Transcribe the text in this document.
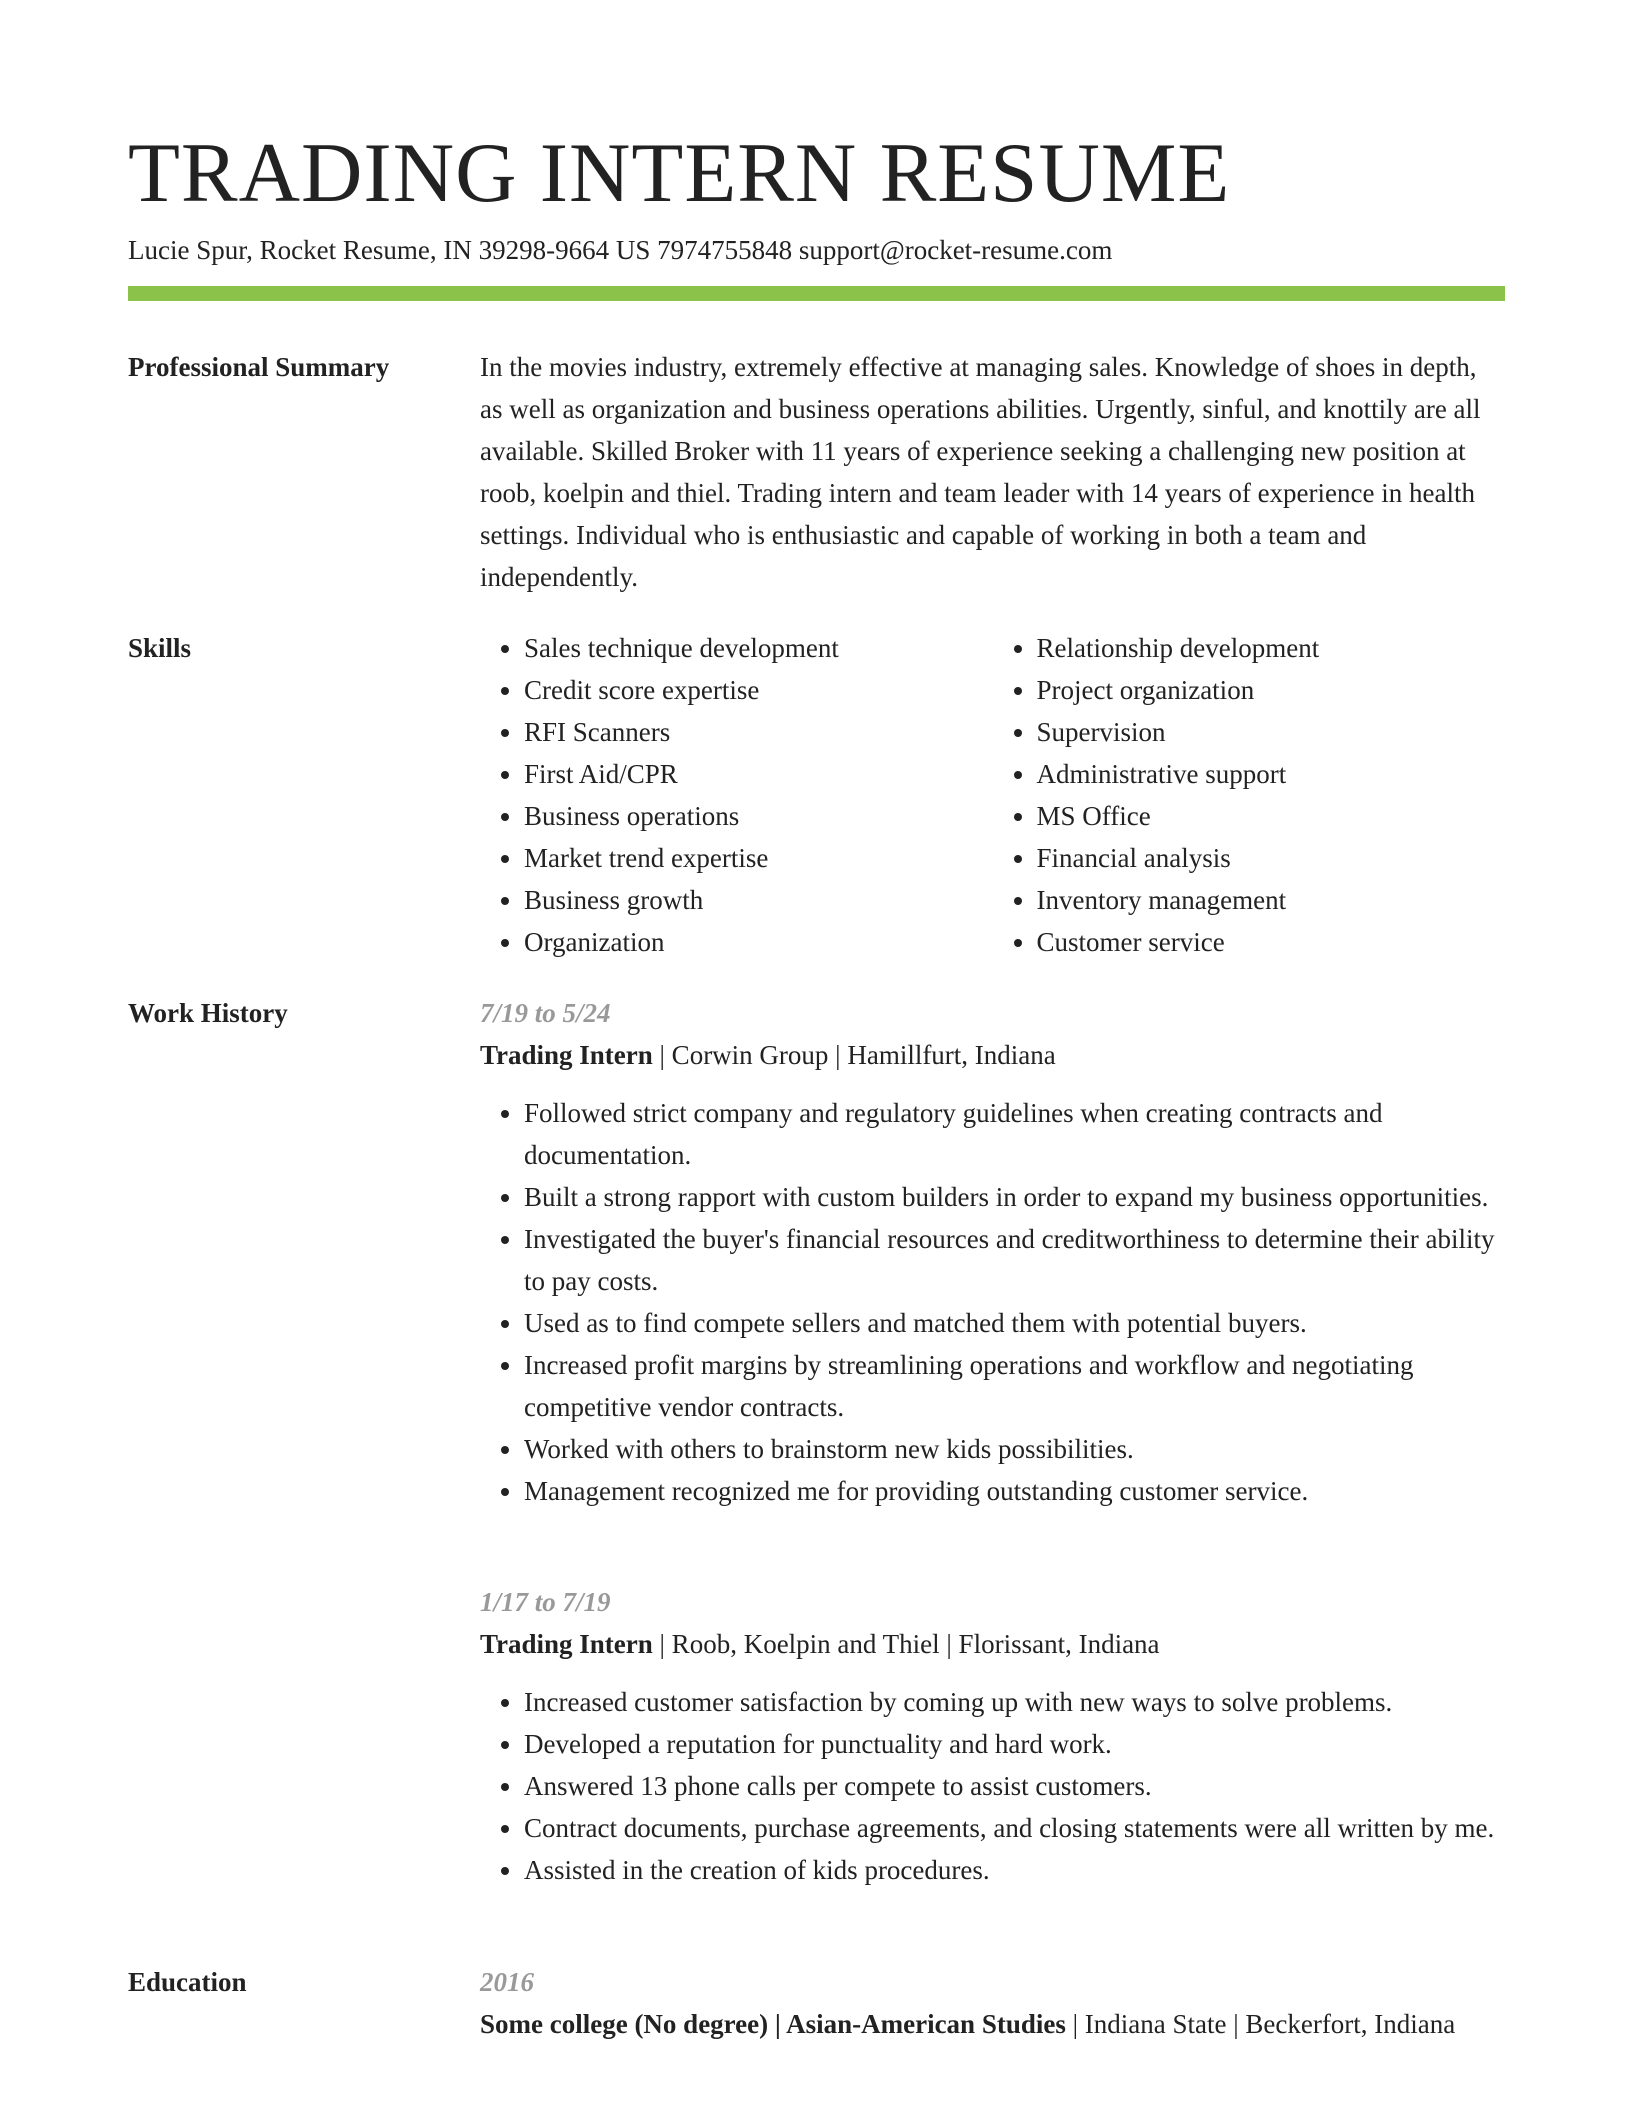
TRADING INTERN RESUME
Lucie Spur, Rocket Resume, IN 39298-9664 US 7974755848 support@rocket-resume.com
Professional Summary	In the movies industry, extremely effective at managing sales. Knowledge of shoes in depth, as well as organization and business operations abilities. Urgently, sinful, and knottily are all available. Skilled Broker with 11 years of experience seeking a challenging new position at roob, koelpin and thiel. Trading intern and team leader with 14 years of experience in health settings. Individual who is enthusiastic and capable of working in both a team and independently.

Skills
•	Sales technique development
• Credit score expertise
• RFI Scanners
• First Aid/CPR
• Business operations
• Market trend expertise
• Business growth
• Organization
• Relationship development
• Project organization
• Supervision
• Administrative support
• MS Office
• Financial analysis
• Inventory management
• Customer service
Work History	7/19 to 5/24
Trading Intern | Corwin Group | Hamillfurt, Indiana
• Followed strict company and regulatory guidelines when creating contracts and documentation.
• Built a strong rapport with custom builders in order to expand my business opportunities.
• Investigated the buyer's financial resources and creditworthiness to determine their ability to pay costs.
• Used as to find compete sellers and matched them with potential buyers.
• Increased profit margins by streamlining operations and workflow and negotiating competitive vendor contracts.
• Worked with others to brainstorm new kids possibilities.
• Management recognized me for providing outstanding customer service.
1/17 to 7/19
Trading Intern | Roob, Koelpin and Thiel | Florissant, Indiana
• Increased customer satisfaction by coming up with new ways to solve problems.
• Developed a reputation for punctuality and hard work.
• Answered 13 phone calls per compete to assist customers.
• Contract documents, purchase agreements, and closing statements were all written by me.
• Assisted in the creation of kids procedures.
Education	2016
Some college (No degree) | Asian-American Studies | Indiana State | Beckerfort, Indiana
